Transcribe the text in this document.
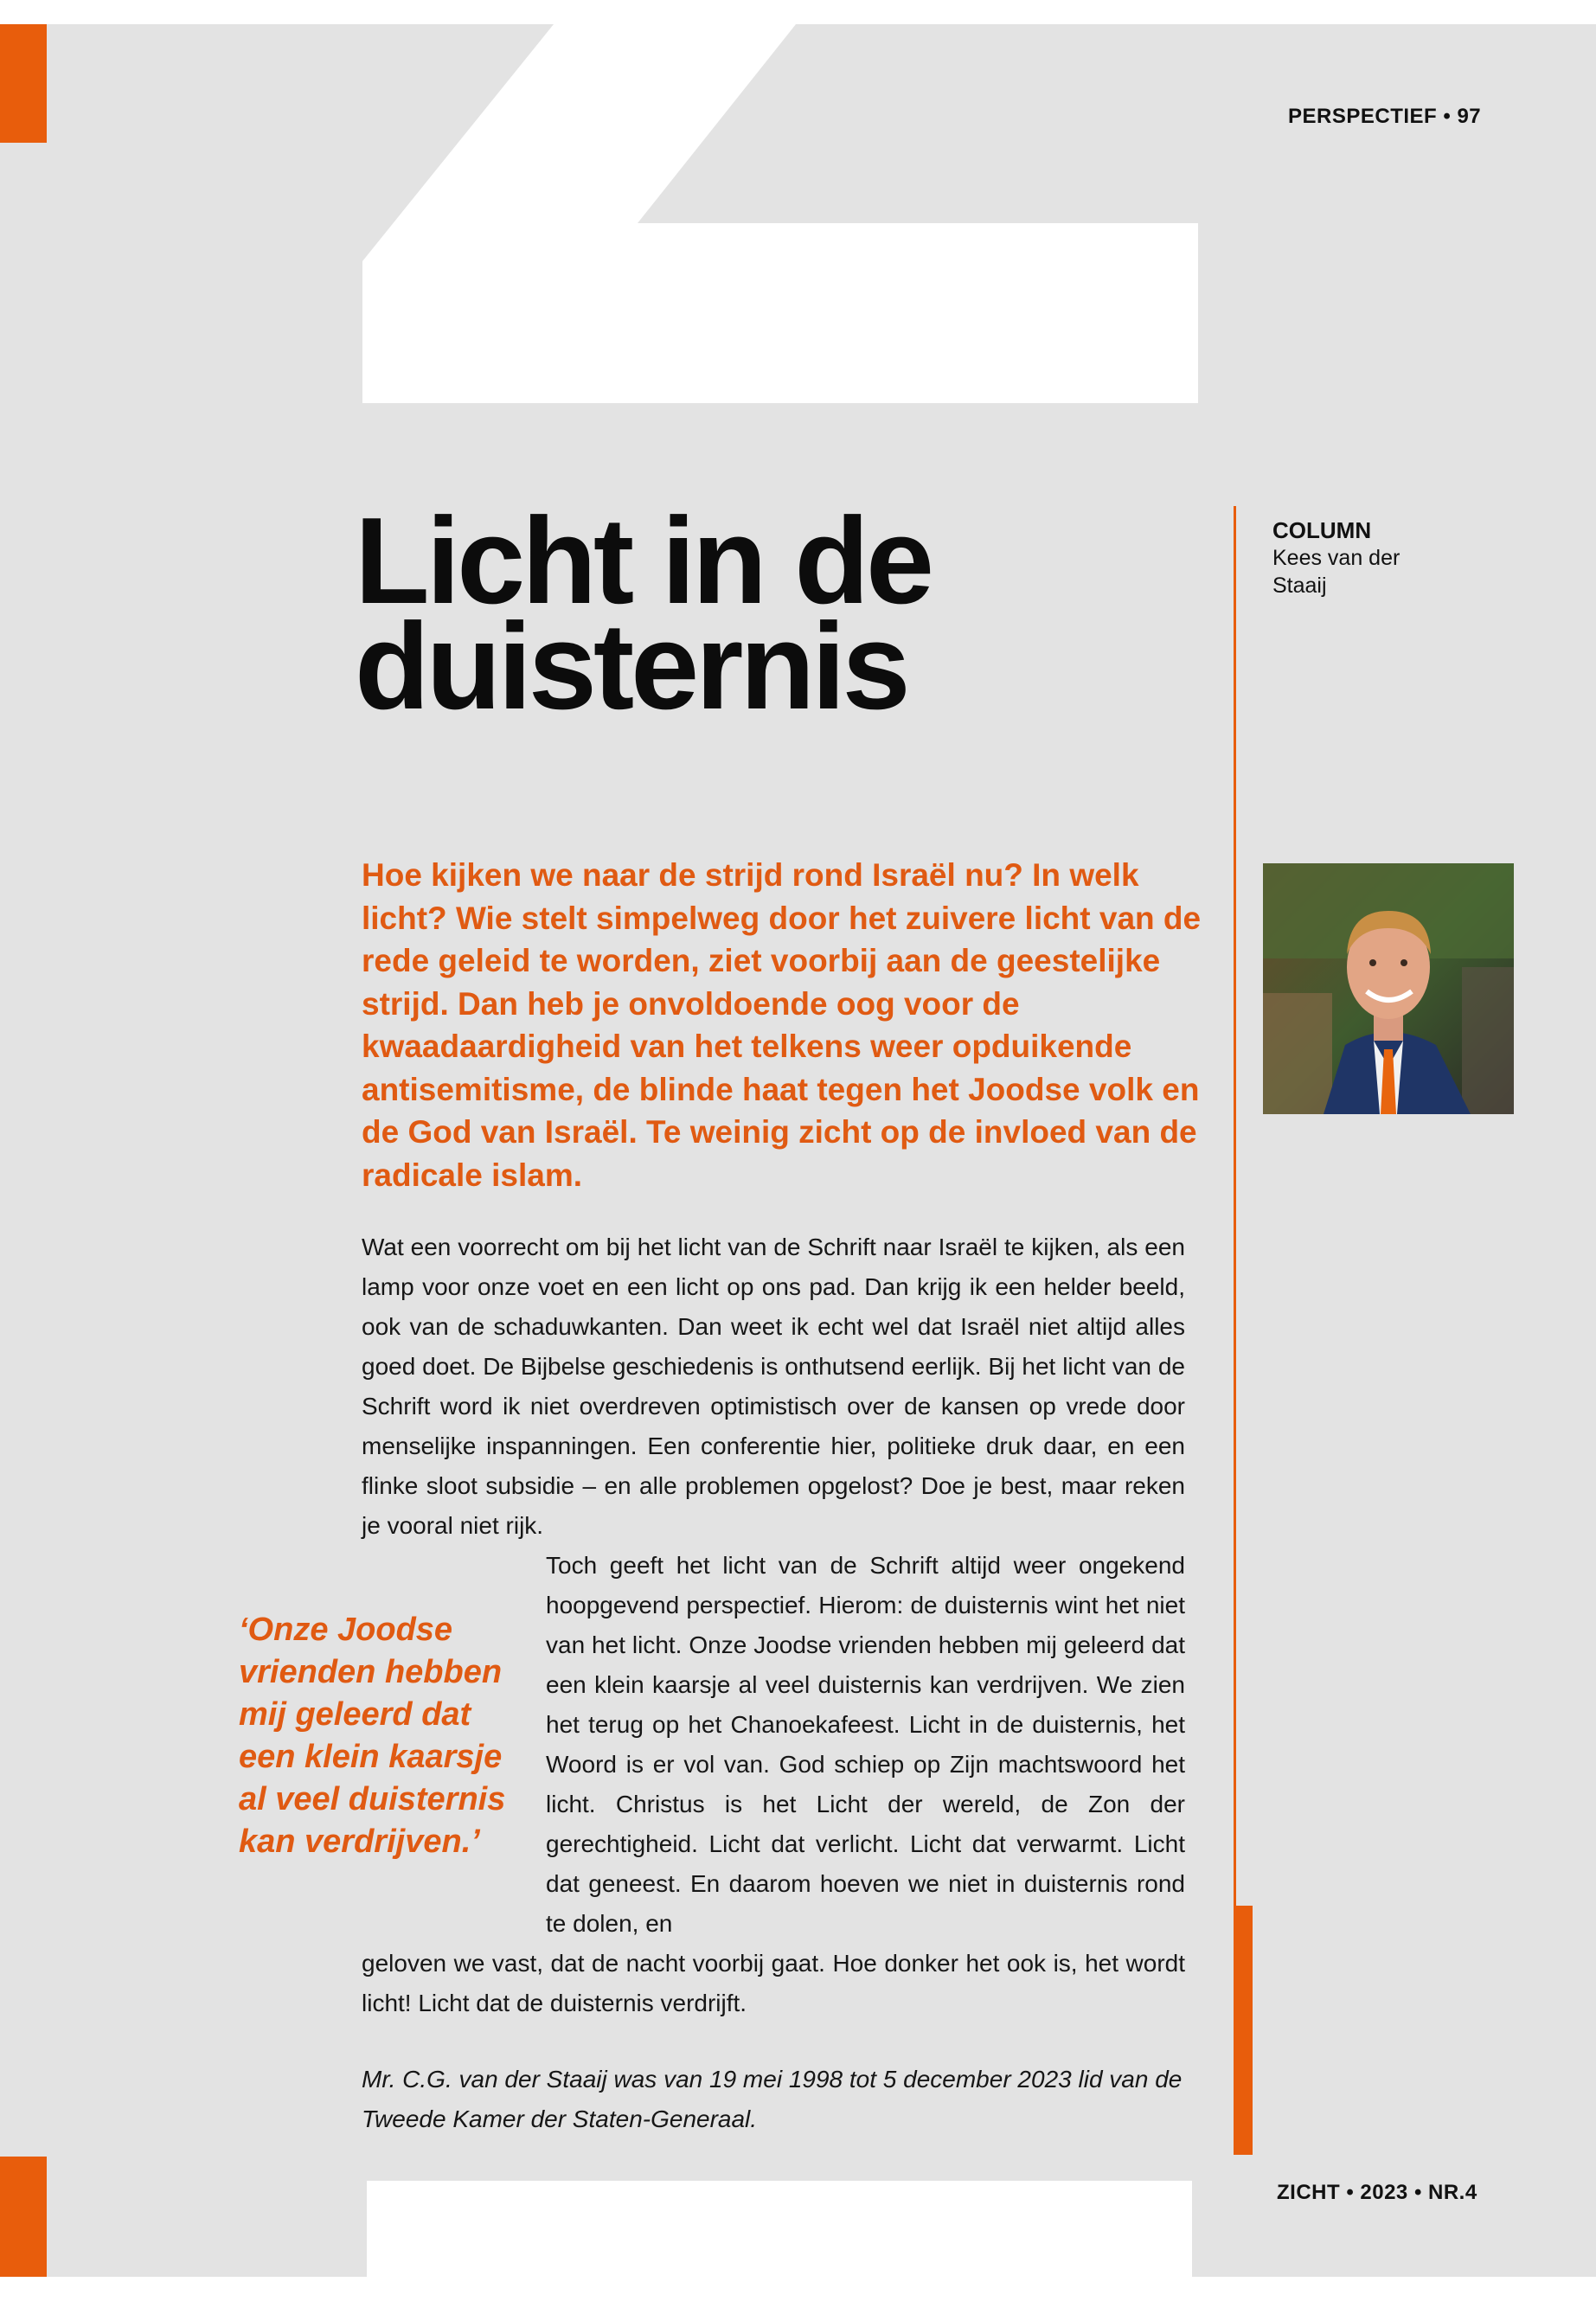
PERSPECTIEF • 97
COLUMN
Kees van der Staaij
Licht in de duisternis
Hoe kijken we naar de strijd rond Israël nu? In welk licht? Wie stelt simpelweg door het zuivere licht van de rede geleid te worden, ziet voorbij aan de geestelijke strijd. Dan heb je onvoldoende oog voor de kwaadaardigheid van het telkens weer opduikende antisemitisme, de blinde haat tegen het Joodse volk en de God van Israël. Te weinig zicht op de invloed van de radicale islam.

Wat een voorrecht om bij het licht van de Schrift naar Israël te kijken, als een lamp voor onze voet en een licht op ons pad. Dan krijg ik een helder beeld, ook van de schaduwkanten. Dan weet ik echt wel dat Israël niet altijd alles goed doet. De Bijbelse geschiedenis is onthutsend eerlijk. Bij het licht van de Schrift word ik niet overdreven optimistisch over de kansen op vrede door menselijke inspanningen. Een conferentie hier, politieke druk daar, en een flinke sloot subsidie – en alle problemen opgelost? Doe je best, maar reken je vooral niet rijk.

Toch geeft het licht van de Schrift altijd weer ongekend hoopgevend perspectief. Hierom: de duisternis wint het niet van het licht. Onze Joodse vrienden hebben mij geleerd dat een klein kaarsje al veel duisternis kan verdrijven. We zien het terug op het Chanoekafeest. Licht in de duisternis, het Woord is er vol van. God schiep op Zijn machtswoord het licht. Christus is het Licht der wereld, de Zon der gerechtigheid. Licht dat verlicht. Licht dat verwarmt. Licht dat geneest. En daarom hoeven we niet in duisternis rond te dolen, en

geloven we vast, dat de nacht voorbij gaat. Hoe donker het ook is, het wordt licht! Licht dat de duisternis verdrijft.

‘Onze Joodse vrienden hebben mij geleerd dat een klein kaarsje al veel duisternis kan verdrijven.’
Mr. C.G. van der Staaij was van 19 mei 1998 tot 5 december 2023 lid van de Tweede Kamer der Staten-Generaal.
ZICHT • 2023 • NR.4
